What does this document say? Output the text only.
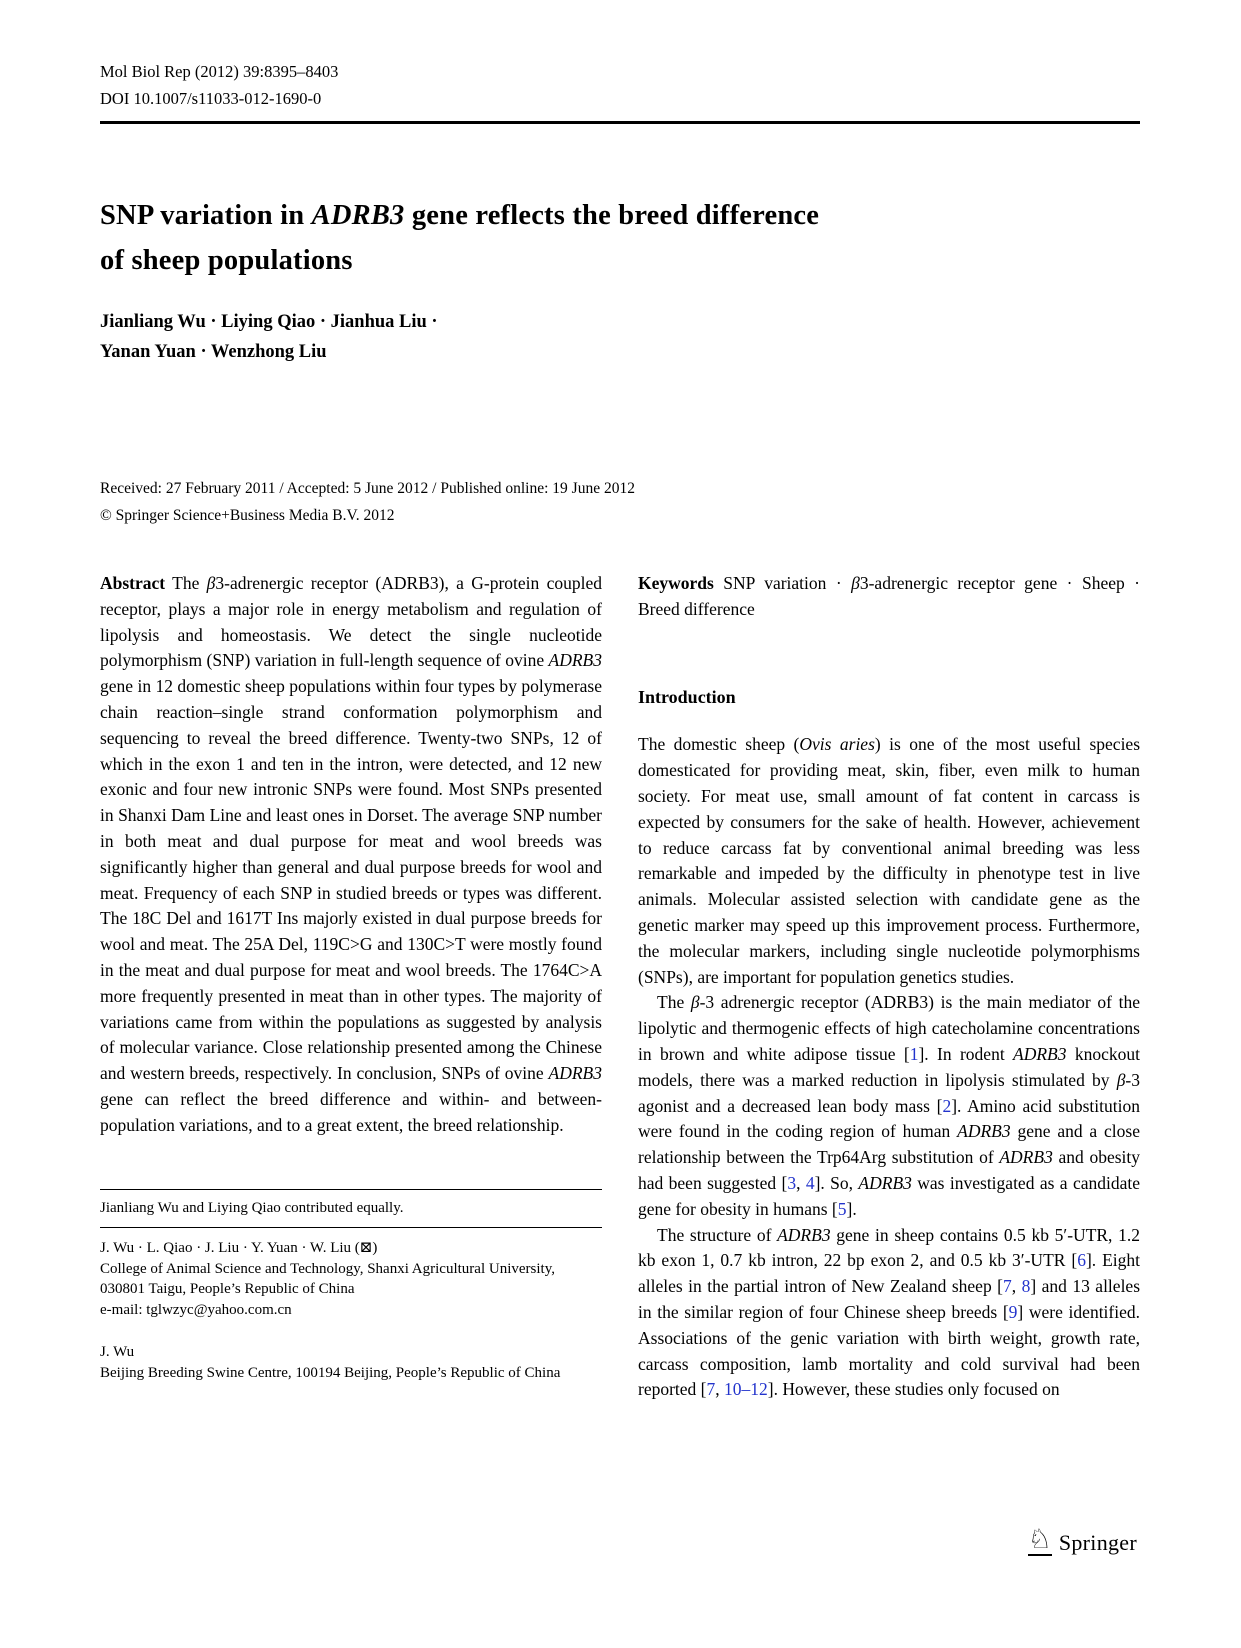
Mol Biol Rep (2012) 39:8395–8403
DOI 10.1007/s11033-012-1690-0
SNP variation in ADRB3 gene reflects the breed difference
of sheep populations
Jianliang Wu · Liying Qiao · Jianhua Liu ·
Yanan Yuan · Wenzhong Liu
Received: 27 February 2011 / Accepted: 5 June 2012 / Published online: 19 June 2012
© Springer Science+Business Media B.V. 2012

Abstract The β3-adrenergic receptor (ADRB3), a G-protein coupled receptor, plays a major role in energy metabolism and regulation of lipolysis and homeostasis. We detect the single nucleotide polymorphism (SNP) variation in full-length sequence of ovine ADRB3 gene in 12 domestic sheep populations within four types by polymerase chain reaction–single strand conformation polymorphism and sequencing to reveal the breed difference. Twenty-two SNPs, 12 of which in the exon 1 and ten in the intron, were detected, and 12 new exonic and four new intronic SNPs were found. Most SNPs presented in Shanxi Dam Line and least ones in Dorset. The average SNP number in both meat and dual purpose for meat and wool breeds was significantly higher than general and dual purpose breeds for wool and meat. Frequency of each SNP in studied breeds or types was different. The 18C Del and 1617T Ins majorly existed in dual purpose breeds for wool and meat. The 25A Del, 119C>G and 130C>T were mostly found in the meat and dual purpose for meat and wool breeds. The 1764C>A more frequently presented in meat than in other types. The majority of variations came from within the populations as suggested by analysis of molecular variance. Close relationship presented among the Chinese and western breeds, respectively. In conclusion, SNPs of ovine ADRB3 gene can reflect the breed difference and within- and between-population variations, and to a great extent, the breed relationship.

Jianliang Wu and Liying Qiao contributed equally.
J. Wu · L. Qiao · J. Liu · Y. Yuan · W. Liu (⊠)
College of Animal Science and Technology, Shanxi Agricultural University, 030801 Taigu, People’s Republic of China
e-mail: tglwzyc@yahoo.com.cn
J. Wu
Beijing Breeding Swine Centre, 100194 Beijing, People’s Republic of China

Keywords SNP variation · β3-adrenergic receptor gene · Sheep · Breed difference

Introduction

The domestic sheep (Ovis aries) is one of the most useful species domesticated for providing meat, skin, fiber, even milk to human society. For meat use, small amount of fat content in carcass is expected by consumers for the sake of health. However, achievement to reduce carcass fat by conventional animal breeding was less remarkable and impeded by the difficulty in phenotype test in live animals. Molecular assisted selection with candidate gene as the genetic marker may speed up this improvement process. Furthermore, the molecular markers, including single nucleotide polymorphisms (SNPs), are important for population genetics studies.

The β-3 adrenergic receptor (ADRB3) is the main mediator of the lipolytic and thermogenic effects of high catecholamine concentrations in brown and white adipose tissue [1]. In rodent ADRB3 knockout models, there was a marked reduction in lipolysis stimulated by β-3 agonist and a decreased lean body mass [2]. Amino acid substitution were found in the coding region of human ADRB3 gene and a close relationship between the Trp64Arg substitution of ADRB3 and obesity had been suggested [3, 4]. So, ADRB3 was investigated as a candidate gene for obesity in humans [5].

The structure of ADRB3 gene in sheep contains 0.5 kb 5′-UTR, 1.2 kb exon 1, 0.7 kb intron, 22 bp exon 2, and 0.5 kb 3′-UTR [6]. Eight alleles in the partial intron of New Zealand sheep [7, 8] and 13 alleles in the similar region of four Chinese sheep breeds [9] were identified. Associations of the genic variation with birth weight, growth rate, carcass composition, lamb mortality and cold survival had been reported [7, 10–12]. However, these studies only focused on

♘ Springer
